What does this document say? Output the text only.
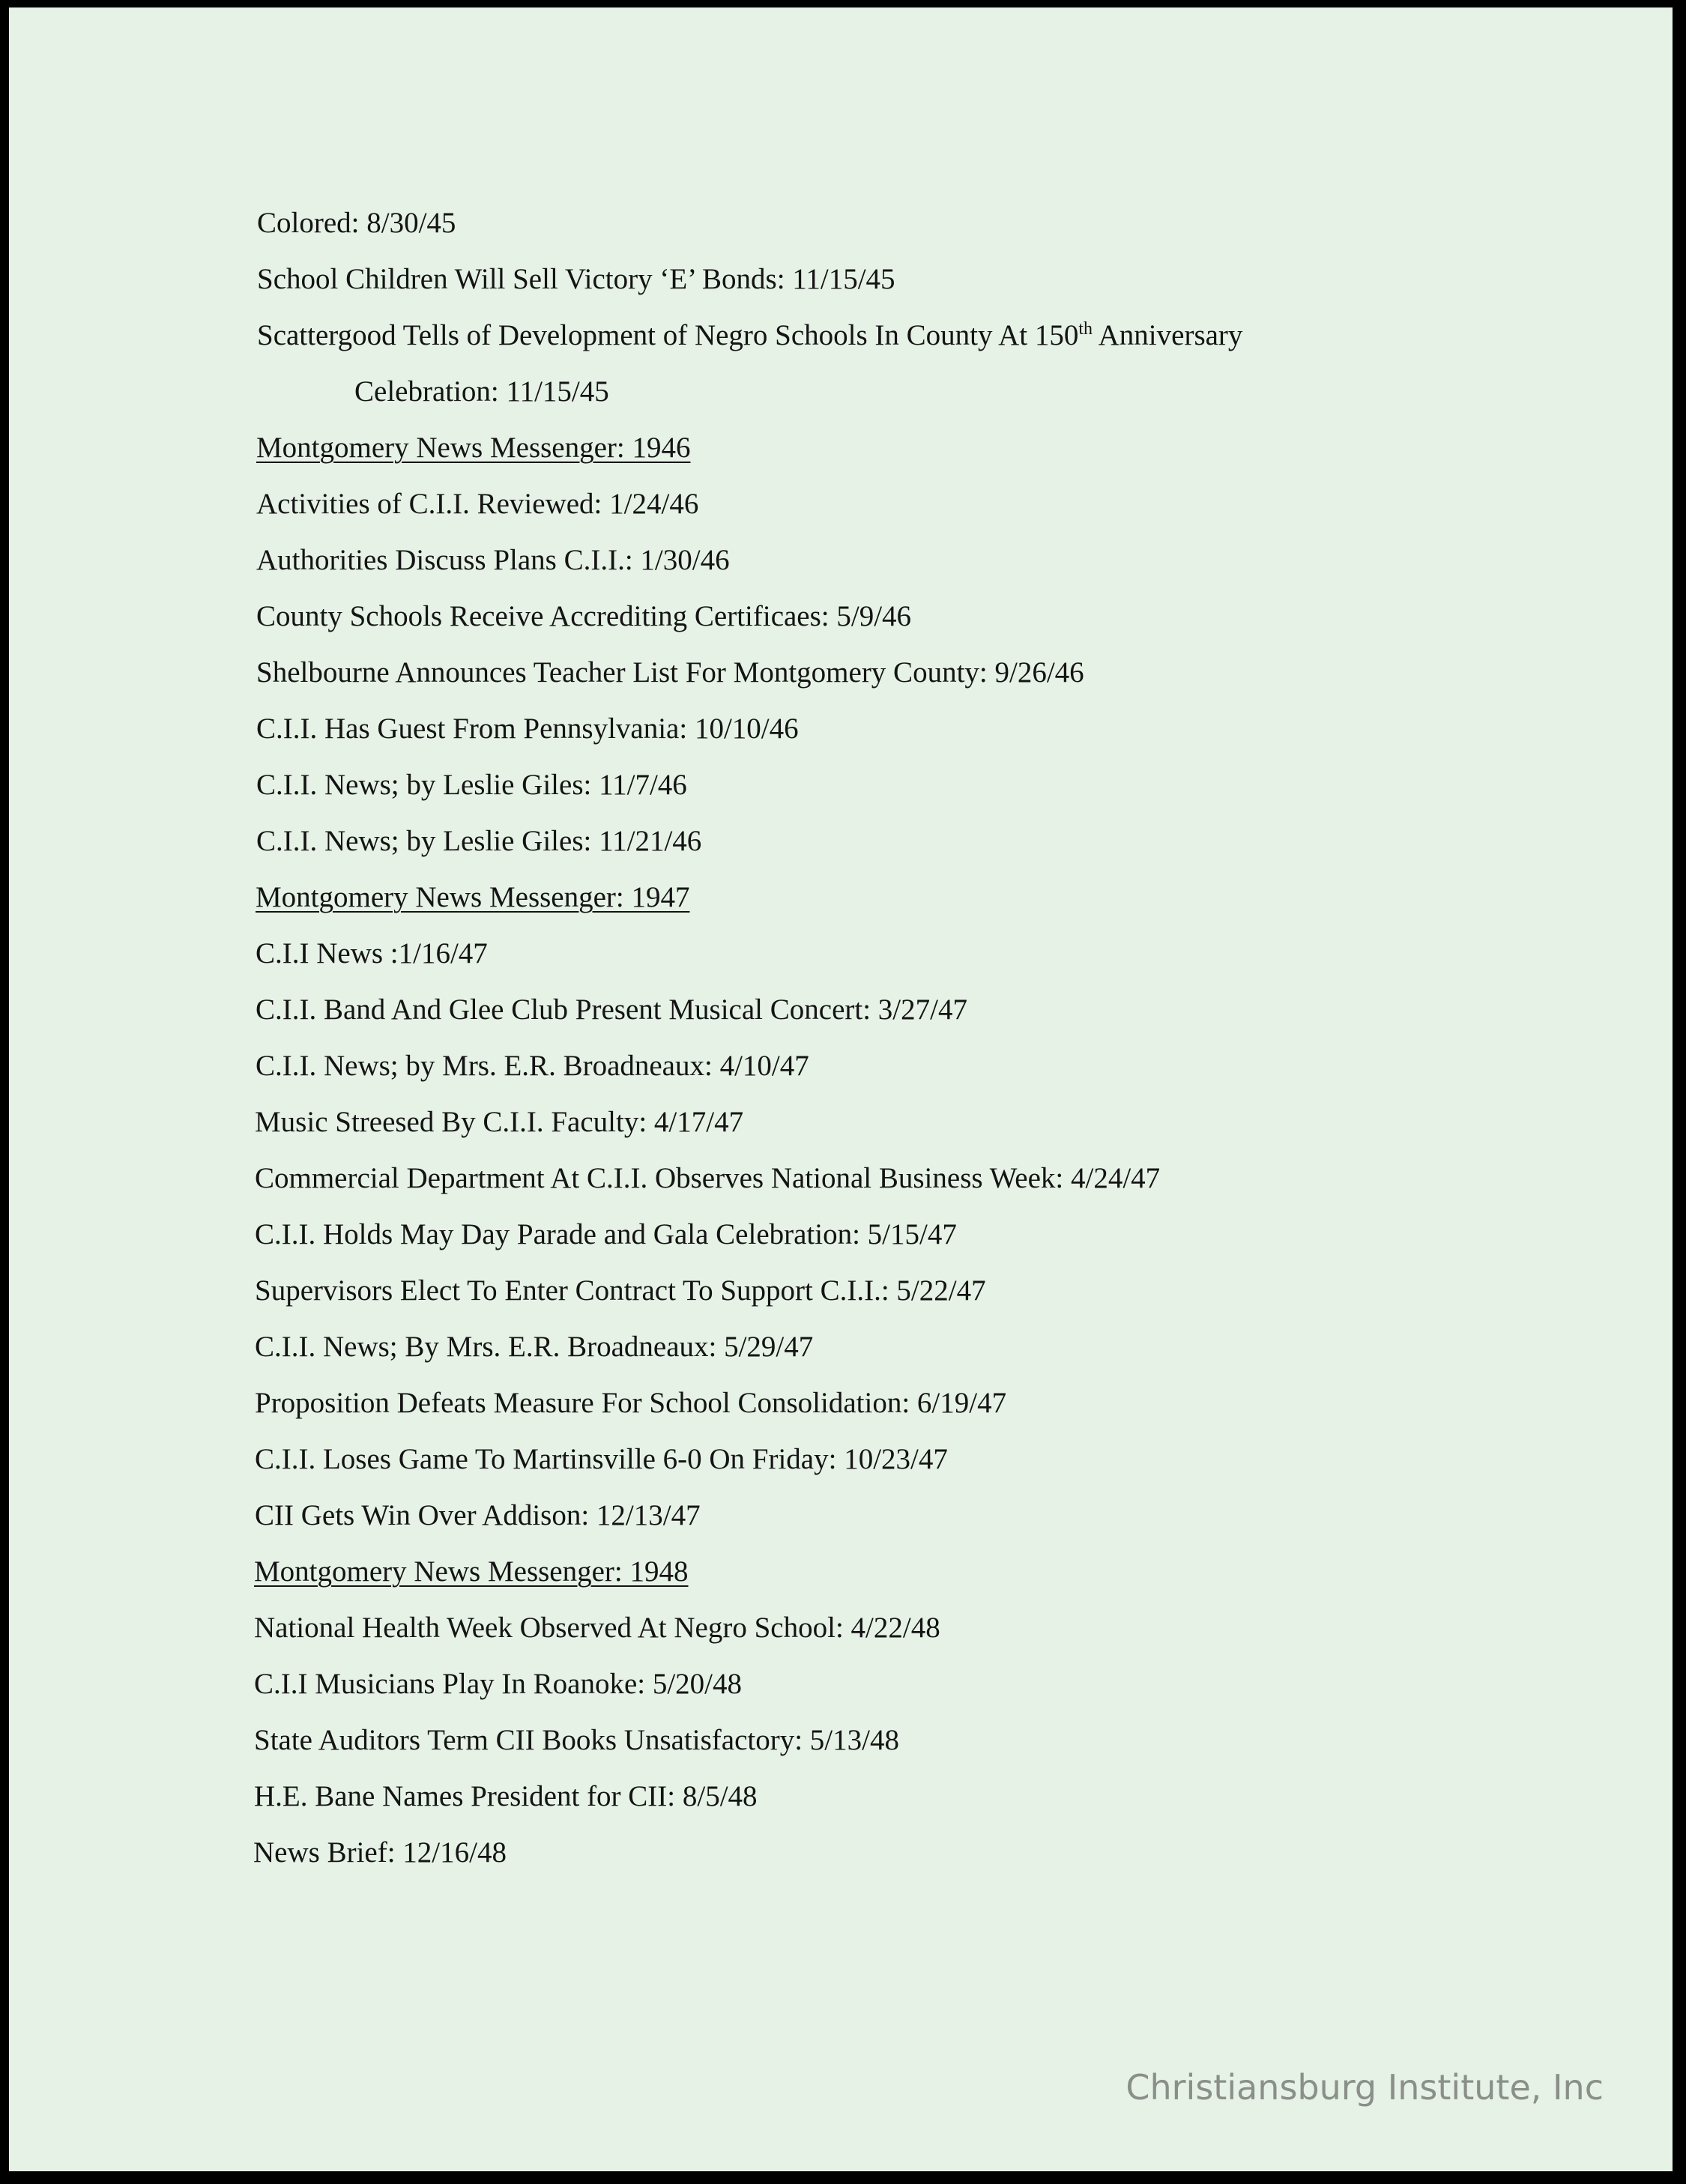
Colored: 8/30/45
School Children Will Sell Victory ‘E’ Bonds: 11/15/45
Scattergood Tells of Development of Negro Schools In County At 150th Anniversary
Celebration: 11/15/45
Montgomery News Messenger: 1946
Activities of C.I.I. Reviewed: 1/24/46
Authorities Discuss Plans C.I.I.: 1/30/46
County Schools Receive Accrediting Certificaes: 5/9/46
Shelbourne Announces Teacher List For Montgomery County: 9/26/46
C.I.I. Has Guest From Pennsylvania: 10/10/46
C.I.I. News; by Leslie Giles: 11/7/46
C.I.I. News; by Leslie Giles: 11/21/46
Montgomery News Messenger: 1947
C.I.I News :1/16/47
C.I.I. Band And Glee Club Present Musical Concert: 3/27/47
C.I.I. News; by Mrs. E.R. Broadneaux: 4/10/47
Music Streesed By C.I.I. Faculty: 4/17/47
Commercial Department At C.I.I. Observes National Business Week: 4/24/47
C.I.I. Holds May Day Parade and Gala Celebration: 5/15/47
Supervisors Elect To Enter Contract To Support C.I.I.: 5/22/47
C.I.I. News; By Mrs. E.R. Broadneaux: 5/29/47
Proposition Defeats Measure For School Consolidation: 6/19/47
C.I.I. Loses Game To Martinsville 6-0 On Friday: 10/23/47
CII Gets Win Over Addison: 12/13/47
Montgomery News Messenger: 1948
National Health Week Observed At Negro School: 4/22/48
C.I.I Musicians Play In Roanoke: 5/20/48
State Auditors Term CII Books Unsatisfactory: 5/13/48
H.E. Bane Names President for CII: 8/5/48
News Brief: 12/16/48
Christiansburg Institute, Inc
